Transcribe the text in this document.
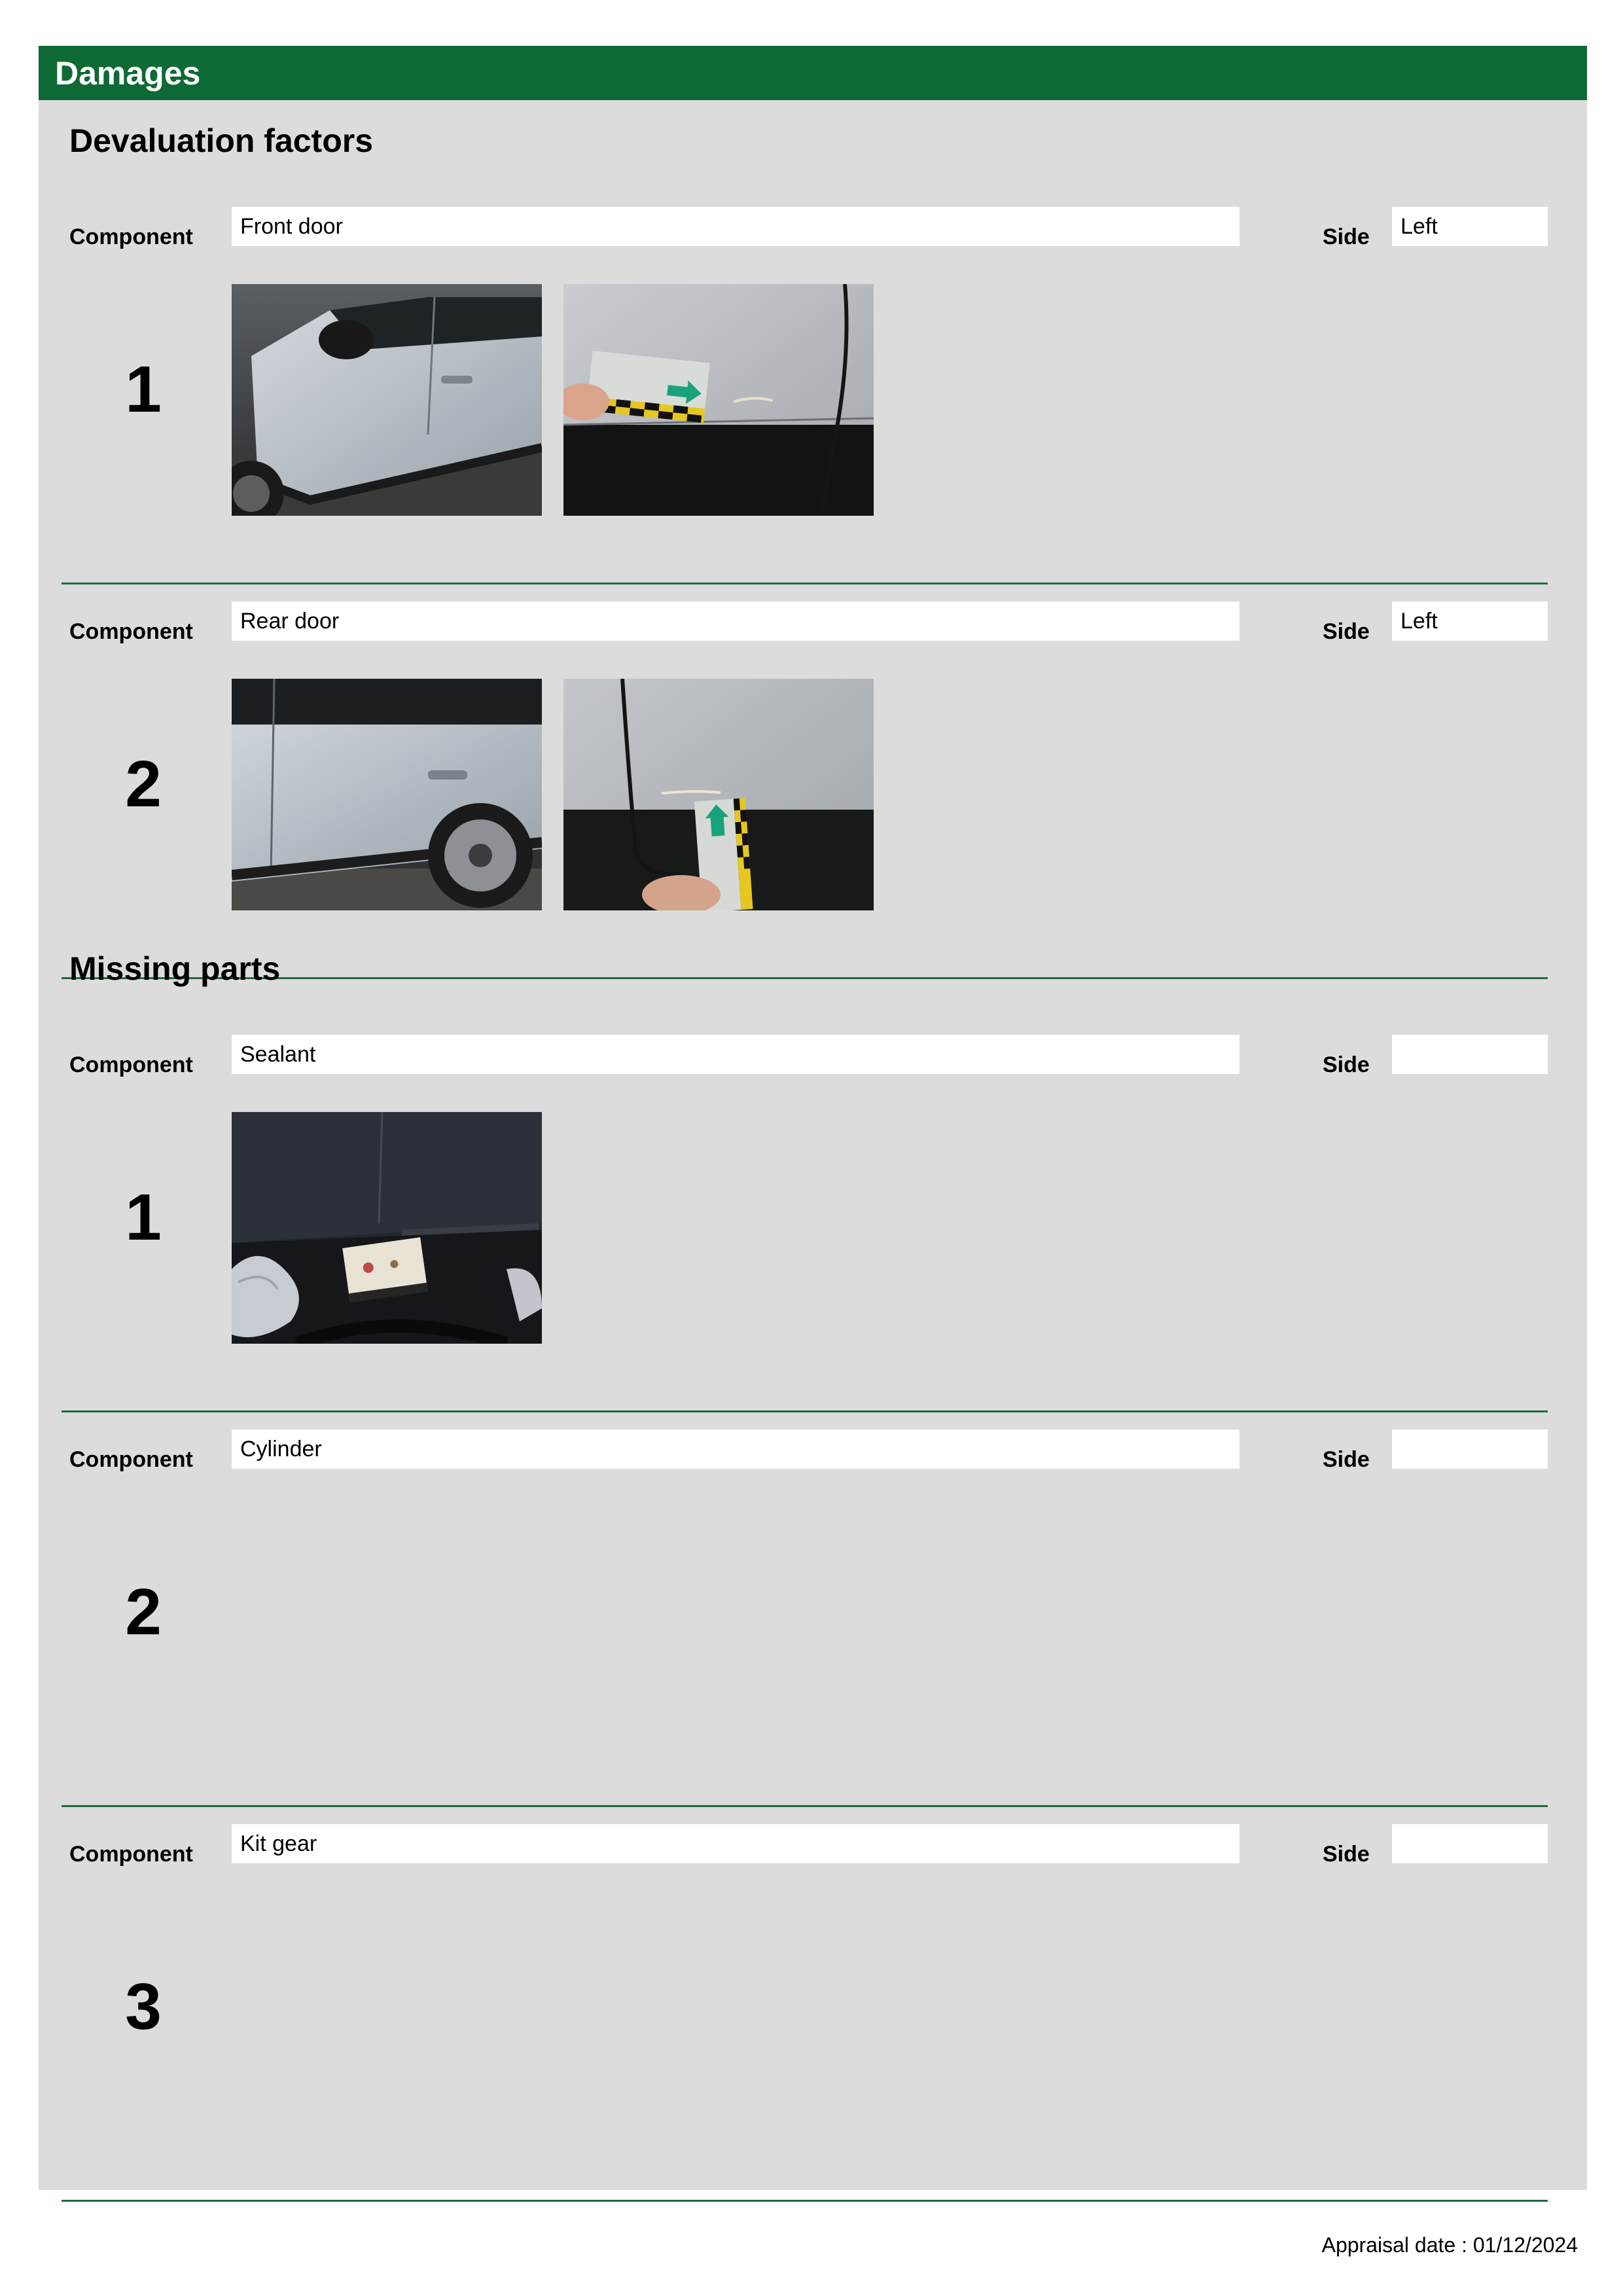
Damages
Devaluation factors
Component	Front door	Side	Left
1
Component	Rear door	Side	Left
2
Missing parts
Component	Sealant	Side
1
Component	Cylinder	Side
2
Component	Kit gear	Side
3
Appraisal date : 01/12/2024
